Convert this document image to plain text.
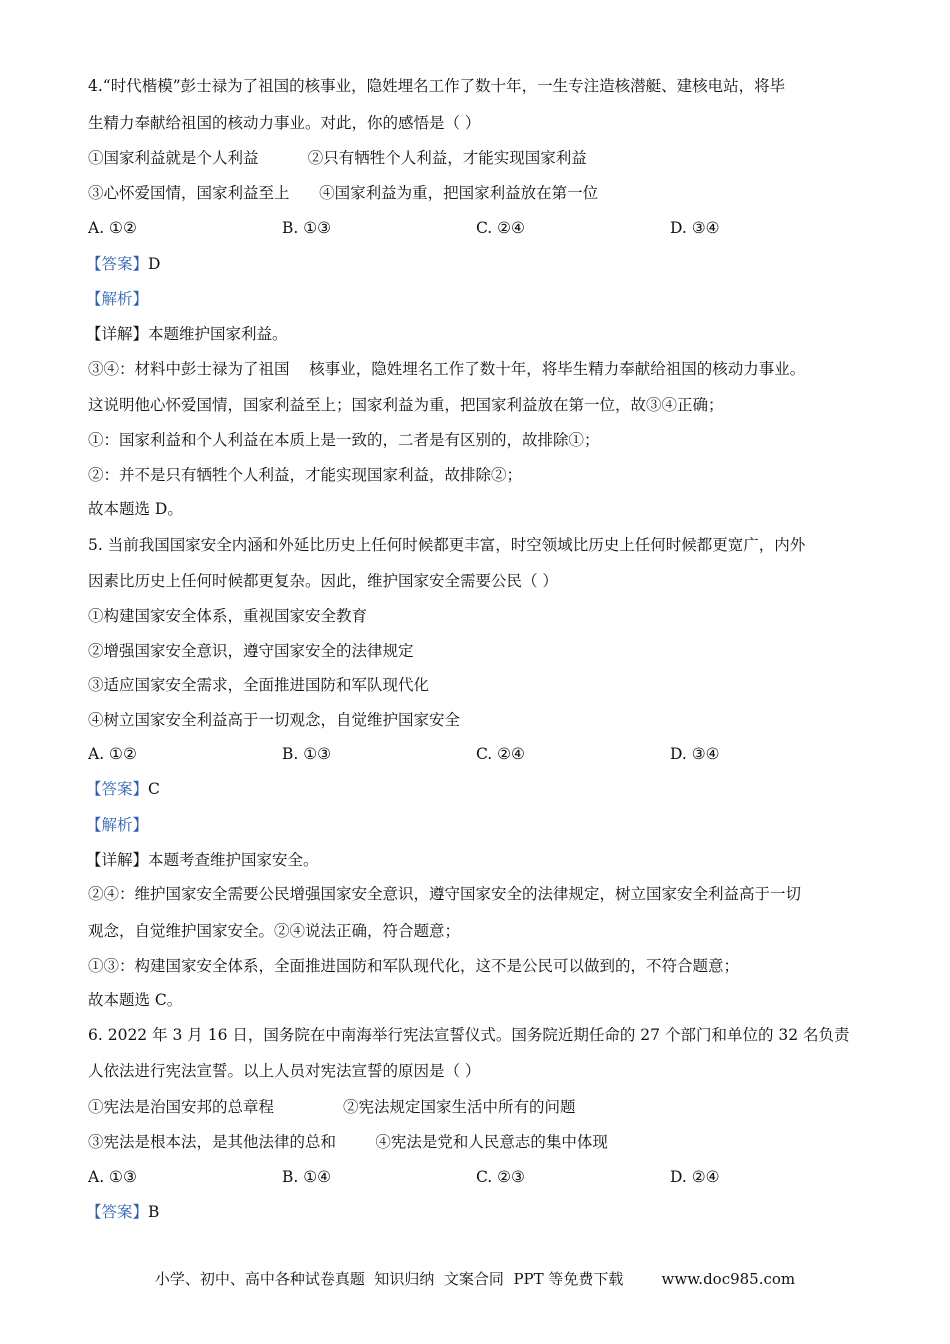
4.“时代楷模”彭士禄为了祖国的核事业，隐姓埋名工作了数十年，一生专注造核潜艇、建核电站，将毕
生精力奉献给祖国的核动力事业。对此，你的感悟是（ ）
①国家利益就是个人利益          ②只有牺牲个人利益，才能实现国家利益
③心怀爱国情，国家利益至上      ④国家利益为重，把国家利益放在第一位
A. ①②	B. ①③	C. ②④	D. ③④
【答案】D
【解析】
【详解】本题维护国家利益。
③④：材料中彭士禄为了祖国    核事业，隐姓埋名工作了数十年，将毕生精力奉献给祖国的核动力事业。
这说明他心怀爱国情，国家利益至上；国家利益为重，把国家利益放在第一位，故③④正确；
①：国家利益和个人利益在本质上是一致的，二者是有区别的，故排除①；
②：并不是只有牺牲个人利益，才能实现国家利益，故排除②；
故本题选 D。
5. 当前我国国家安全内涵和外延比历史上任何时候都更丰富，时空领域比历史上任何时候都更宽广，内外
因素比历史上任何时候都更复杂。因此，维护国家安全需要公民（ ）
①构建国家安全体系，重视国家安全教育
②增强国家安全意识，遵守国家安全的法律规定
③适应国家安全需求，全面推进国防和军队现代化
④树立国家安全利益高于一切观念，自觉维护国家安全
A. ①②	B. ①③	C. ②④	D. ③④
【答案】C
【解析】
【详解】本题考查维护国家安全。
②④：维护国家安全需要公民增强国家安全意识，遵守国家安全的法律规定，树立国家安全利益高于一切
观念，自觉维护国家安全。②④说法正确，符合题意；
①③：构建国家安全体系，全面推进国防和军队现代化，这不是公民可以做到的，不符合题意；
故本题选 C。
6. 2022 年 3 月 16 日，国务院在中南海举行宪法宣誓仪式。国务院近期任命的 27 个部门和单位的 32 名负责
人依法进行宪法宣誓。以上人员对宪法宣誓的原因是（ ）
①宪法是治国安邦的总章程              ②宪法规定国家生活中所有的问题
③宪法是根本法，是其他法律的总和        ④宪法是党和人民意志的集中体现
A. ①③	B. ①④	C. ②③	D. ②④
【答案】B
小学、初中、高中各种试卷真题  知识归纳  文案合同  PPT 等免费下载        www.doc985.com
